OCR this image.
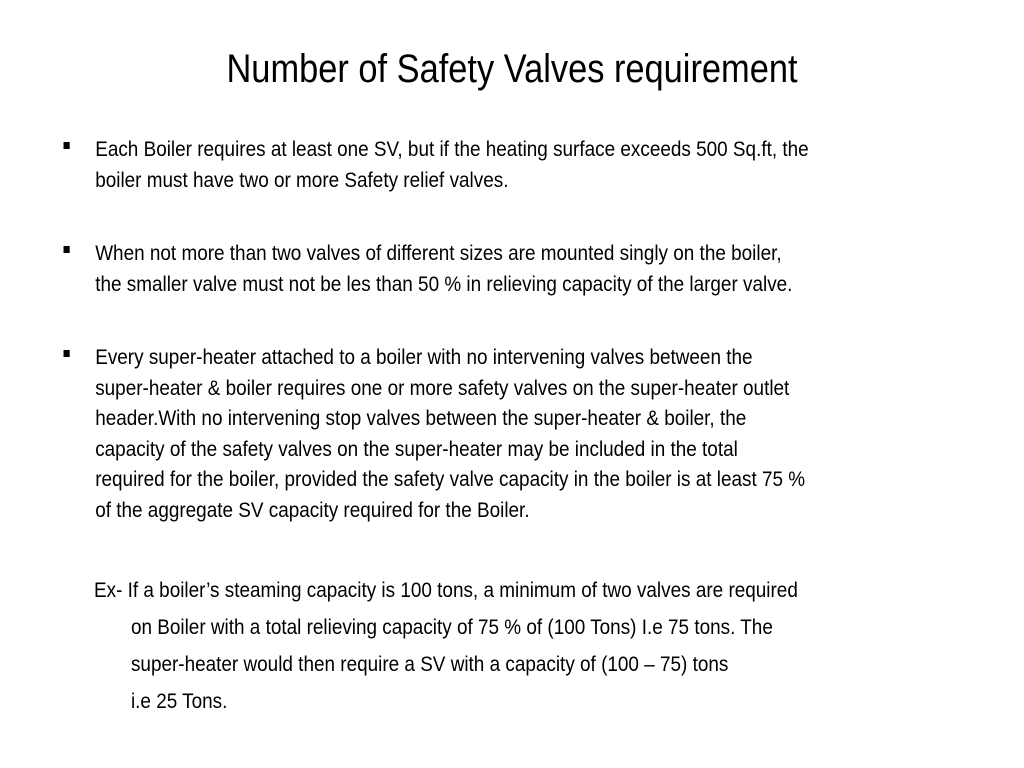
Number of Safety Valves requirement
Each Boiler requires at least one SV, but if the heating surface exceeds 500 Sq.ft, the
boiler must have two or more Safety relief valves.
When not more than two valves of different sizes are mounted singly on the boiler,
the smaller valve must not be les than 50 % in relieving capacity of the larger valve.
Every super-heater attached to a boiler with no intervening valves between the
super-heater & boiler requires one or more safety valves on the super-heater outlet
header.With no intervening stop valves between the super-heater & boiler, the
capacity of the safety valves on the super-heater may be included in the total
required for the boiler, provided the safety valve capacity in the boiler is at least 75 %
of the aggregate SV capacity required for the Boiler.
Ex- If a boiler’s steaming capacity is 100 tons, a minimum of two valves are required
on Boiler with a total relieving capacity of 75 % of (100 Tons) I.e 75 tons. The
super-heater would then require a SV with a capacity of (100 – 75) tons
i.e 25 Tons.
